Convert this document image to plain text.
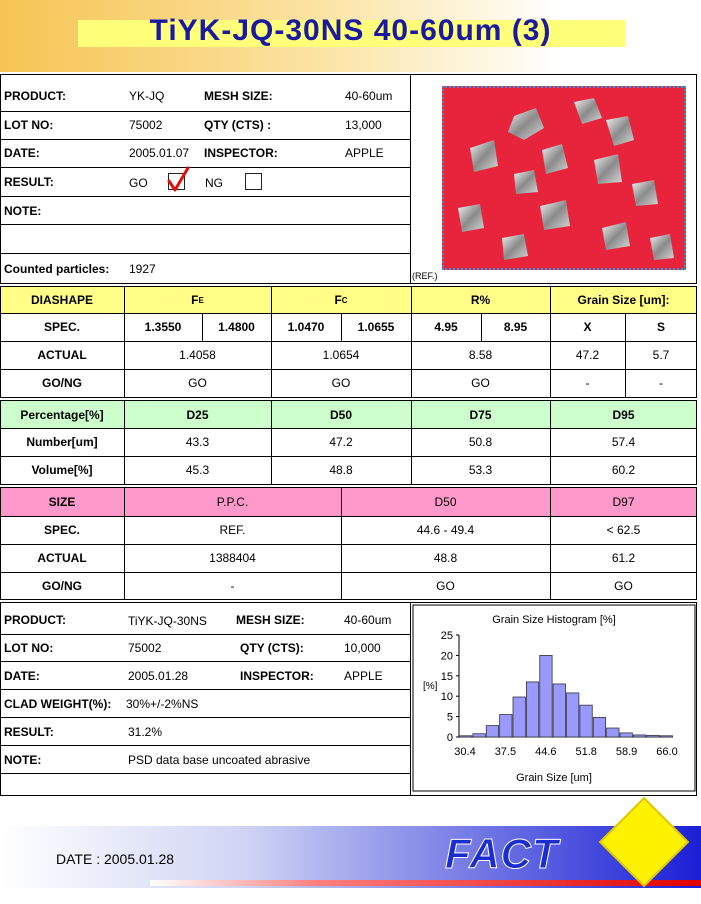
TiYK-JQ-30NS 40-60um (3)
PRODUCT:	YK-JQ	MESH SIZE:	40-60um
LOT NO:	75002	QTY (CTS) :	13,000
DATE:	2005.01.07 INSPECTOR:	APPLE
RESULT:	GO	NG
NOTE:
Counted particles: 1927	(REF.)
DIASHAPE	F E	F C	R%	Grain Size [um]:
SPEC.	1.3550	1.4800	1.0470	1.0655	4.95	8.95	X	S
ACTUAL	1.4058	1.0654	8.58	47.2	5.7
GO/NG	GO	GO	GO	-	-
Percentage[%]	D25	D50	D75	D95
Number[um]	43.3	47.2	50.8	57.4
Volume[%]	45.3	48.8	53.3	60.2
SIZE	P.P.C.	D50	D97
SPEC.	REF.	44.6 - 49.4	< 62.5
ACTUAL	1388404	48.8	61.2
GO/NG	-	GO	GO
PRODUCT:	TiYK-JQ-30NS MESH SIZE:	40-60um
LOT NO:	75002	QTY (CTS):	10,000
DATE:	2005.01.28	INSPECTOR:	APPLE
CLAD WEIGHT(%): 30%+/-2%NS
RESULT:	31.2%
NOTE:	PSD data base uncoated abrasive
Grain Size Histogram [%]
[%]
Grain Size [um]
0
5
10
15
20
25
30.4 37.5 44.6 51.8 58.9 66.0
FACT
DATE : 2005.01.28
